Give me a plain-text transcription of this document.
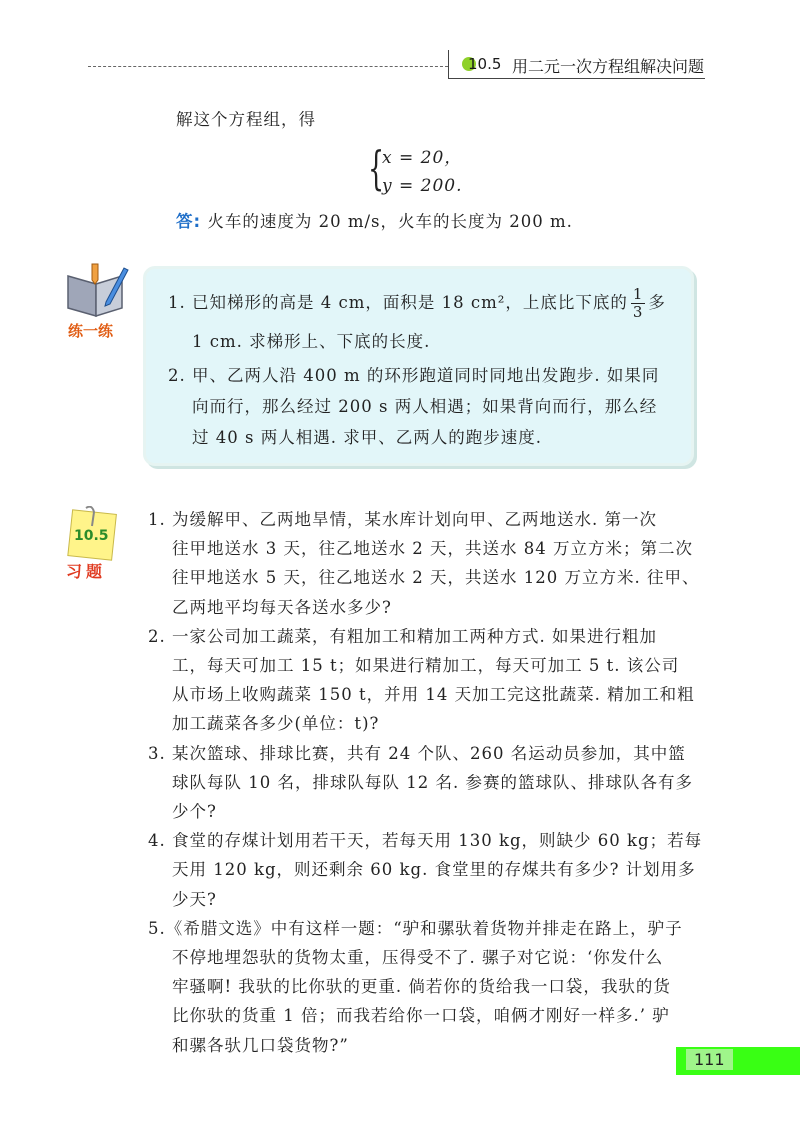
10.5 用二元一次方程组解决问题
解这个方程组，得
{
x = 20，
y = 200.
答: 火车的速度为 20 m/s，火车的长度为 200 m.
练一练
1. 已知梯形的高是 4 cm，面积是 18 cm²，上底比下底的 $\frac{1}{3}$ 多
1 cm. 求梯形上、下底的长度.
2. 甲、乙两人沿 400 m 的环形跑道同时同地出发跑步. 如果同
向而行，那么经过 200 s 两人相遇；如果背向而行，那么经
过 40 s 两人相遇. 求甲、乙两人的跑步速度.
10.5
习题
1. 为缓解甲、乙两地旱情，某水库计划向甲、乙两地送水. 第一次
往甲地送水 3 天，往乙地送水 2 天，共送水 84 万立方米；第二次
往甲地送水 5 天，往乙地送水 2 天，共送水 120 万立方米. 往甲、
乙两地平均每天各送水多少?
2. 一家公司加工蔬菜，有粗加工和精加工两种方式. 如果进行粗加
工，每天可加工 15 t；如果进行精加工，每天可加工 5 t. 该公司
从市场上收购蔬菜 150 t，并用 14 天加工完这批蔬菜. 精加工和粗
加工蔬菜各多少(单位：t)?
3. 某次篮球、排球比赛，共有 24 个队、260 名运动员参加，其中篮
球队每队 10 名，排球队每队 12 名. 参赛的篮球队、排球队各有多
少个?
4. 食堂的存煤计划用若干天，若每天用 130 kg，则缺少 60 kg；若每
天用 120 kg，则还剩余 60 kg. 食堂里的存煤共有多少? 计划用多
少天?
5.《希腊文选》中有这样一题：“驴和骡驮着货物并排走在路上，驴子
不停地埋怨驮的货物太重，压得受不了. 骡子对它说：‘你发什么
牢骚啊! 我驮的比你驮的更重. 倘若你的货给我一口袋，我驮的货
比你驮的货重 1 倍；而我若给你一口袋，咱俩才刚好一样多.’ 驴
和骡各驮几口袋货物?”
111
